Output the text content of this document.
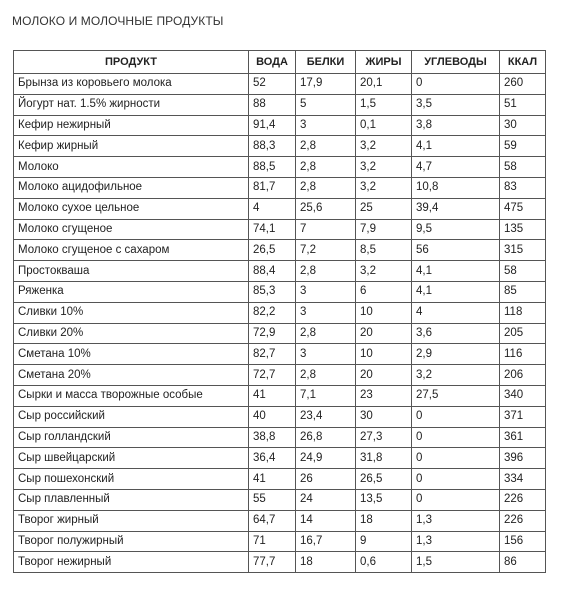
МОЛОКО И МОЛОЧНЫЕ ПРОДУКТЫ
ПРОДУКТ	ВОДА	БЕЛКИ	ЖИРЫ	УГЛЕВОДЫ	ККАЛ
Брынза из коровьего молока	52	17,9	20,1	0	260
Йогурт нат. 1.5% жирности	88	5	1,5	3,5	51
Кефир нежирный	91,4	3	0,1	3,8	30
Кефир жирный	88,3	2,8	3,2	4,1	59
Молоко	88,5	2,8	3,2	4,7	58
Молоко ацидофильное	81,7	2,8	3,2	10,8	83
Молоко сухое цельное	4	25,6	25	39,4	475
Молоко сгущеное	74,1	7	7,9	9,5	135
Молоко сгущеное с сахаром	26,5	7,2	8,5	56	315
Простокваша	88,4	2,8	3,2	4,1	58
Ряженка	85,3	3	6	4,1	85
Сливки 10%	82,2	3	10	4	118
Сливки 20%	72,9	2,8	20	3,6	205
Сметана 10%	82,7	3	10	2,9	116
Сметана 20%	72,7	2,8	20	3,2	206
Сырки и масса творожные особые	41	7,1	23	27,5	340
Сыр российский	40	23,4	30	0	371
Сыр голландский	38,8	26,8	27,3	0	361
Сыр швейцарский	36,4	24,9	31,8	0	396
Сыр пошехонский	41	26	26,5	0	334
Сыр плавленный	55	24	13,5	0	226
Творог жирный	64,7	14	18	1,3	226
Творог полужирный	71	16,7	9	1,3	156
Творог нежирный	77,7	18	0,6	1,5	86
